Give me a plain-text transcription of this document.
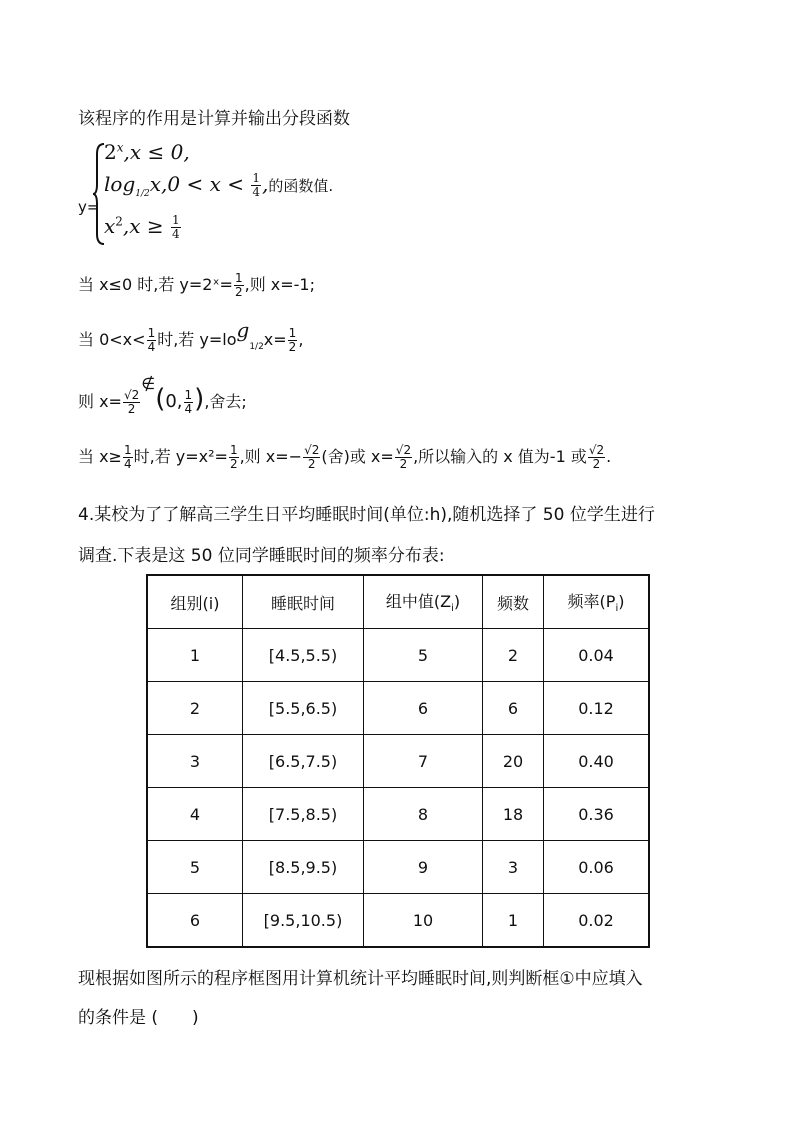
该程序的作用是计算并输出分段函数
y=
$2^x,x \le 0$,
$\log_{1/2}x,0 < x < \frac{1}{4}$ ,的函数值.
$x^2,x \ge \frac{1}{4}$
当 x≤0 时,若 y=2ˣ= $\frac{1}{2}$ ,则 x=-1;
当 $0<x< \frac{1}{4}$ 时,若 $y=\log_{1/2}x= \frac{1}{2}$ ,
则 $x= \frac{√2}{2}$
∉(0, $\frac{1}{4}$ ),舍去;
当 $x\ge \frac{1}{4}$ 时,若 $y=x^2= \frac{1}{2}$ ,则 $x=- \frac{√2}{2}$ (舍)或 $x= \frac{√2}{2}$ ,所以输入的 x 值为-1 或 $\frac{√2}{2}$ .
4.某校为了了解高三学生日平均睡眠时间(单位:h),随机选择了 50 位学生进行
调查.下表是这 50 位同学睡眠时间的频率分布表:
组别(i)	睡眠时间	组中值$(Z_i)$	频数	频率$(P_i)$
1	[4.5,5.5)	5	2	0.04
2	[5.5,6.5)	6	6	0.12
3	[6.5,7.5)	7	20	0.40
4	[7.5,8.5)	8	18	0.36
5	[8.5,9.5)	9	3	0.06
6	[9.5,10.5)	10	1	0.02
现根据如图所示的程序框图用计算机统计平均睡眠时间,则判断框①中应填入
的条件是 (　　)
